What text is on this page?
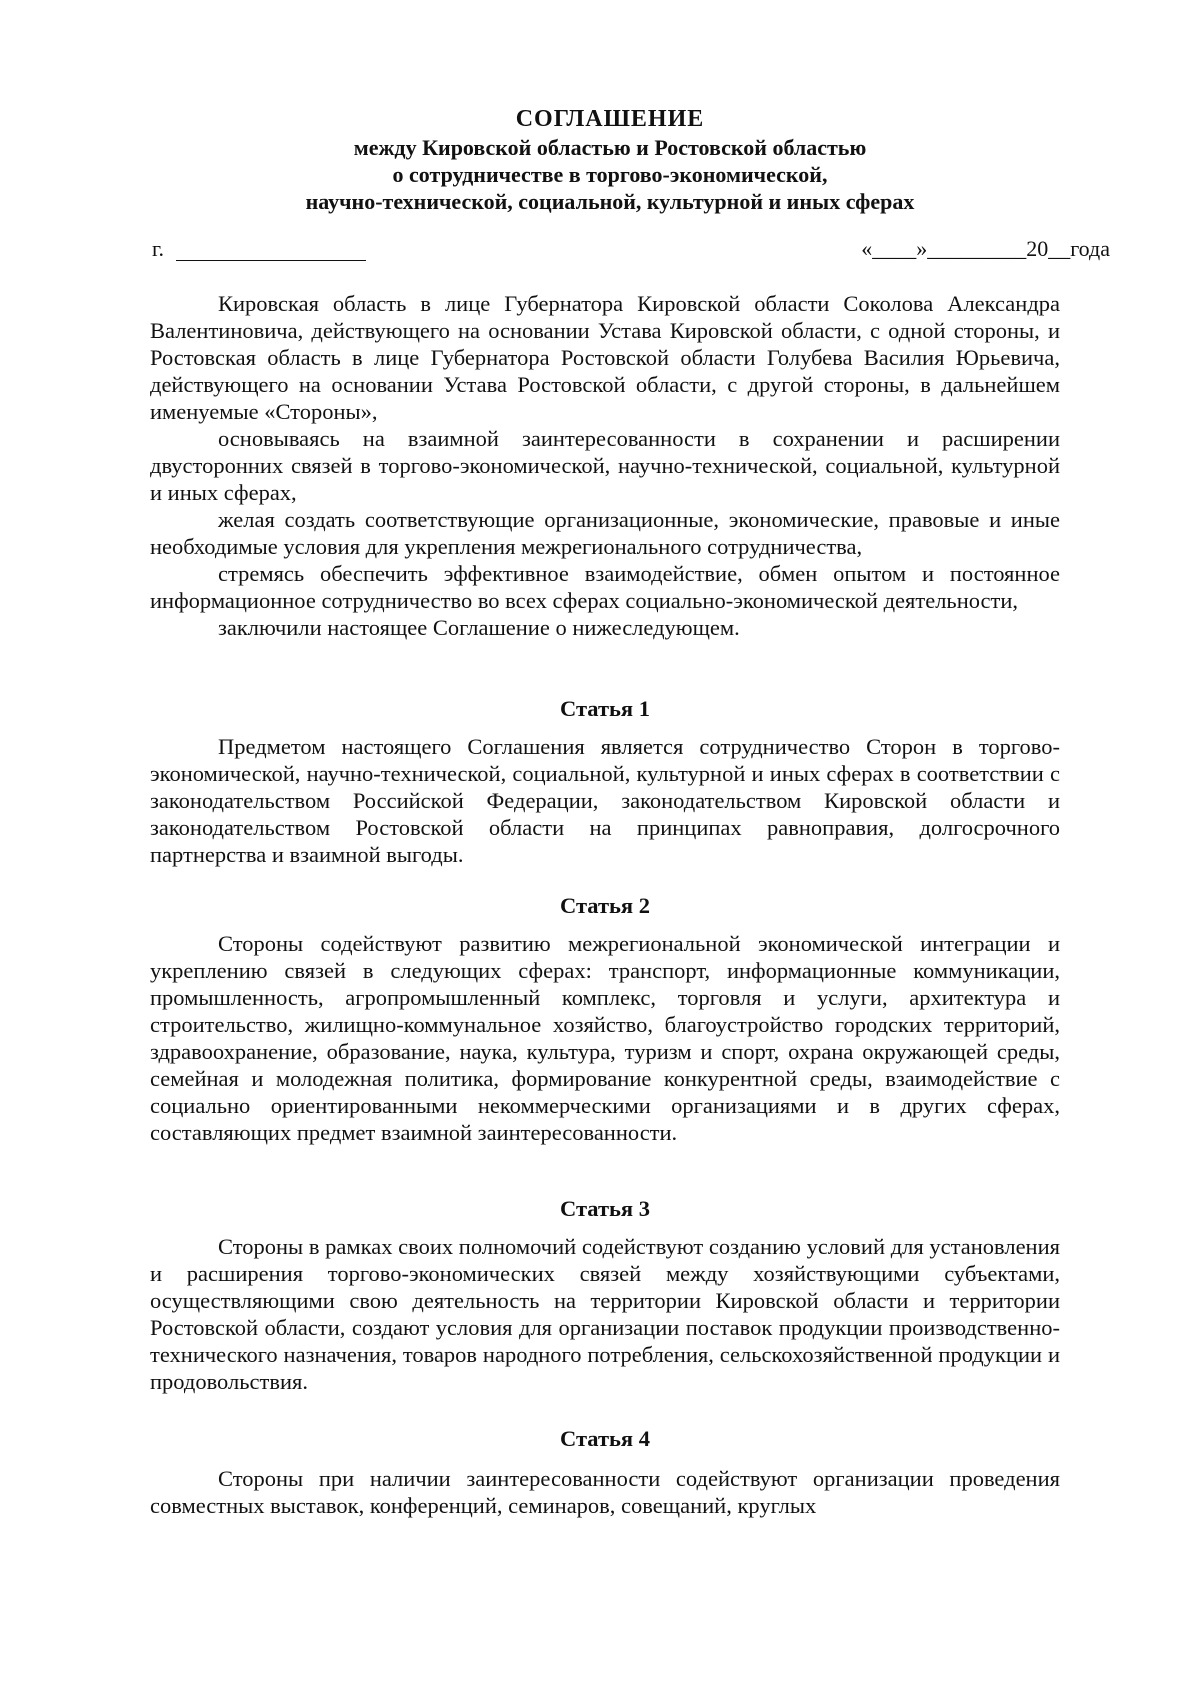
СОГЛАШЕНИЕ
между Кировской областью и Ростовской областью
о сотрудничестве в торгово-экономической,
научно-технической, социальной, культурной и иных сферах
г.	«____»_________20__года

Кировская область в лице Губернатора Кировской области Соколова Александра Валентиновича, действующего на основании Устава Кировской области, с одной стороны, и Ростовская область в лице Губернатора Ростовской области Голубева Василия Юрьевича, действующего на основании Устава Ростовской области, с другой стороны, в дальнейшем именуемые «Стороны»,

основываясь на взаимной заинтересованности в сохранении и расширении двусторонних связей в торгово-экономической, научно-технической, социальной, культурной и иных сферах,

желая создать соответствующие организационные, экономические, правовые и иные необходимые условия для укрепления межрегионального сотрудничества,

стремясь обеспечить эффективное взаимодействие, обмен опытом и постоянное информационное сотрудничество во всех сферах социально-экономической деятельности,

заключили настоящее Соглашение о нижеследующем.

Статья 1

Предметом настоящего Соглашения является сотрудничество Сторон в торгово-экономической, научно-технической, социальной, культурной и иных сферах в соответствии с законодательством Российской Федерации, законодательством Кировской области и законодательством Ростовской области на принципах равноправия, долгосрочного партнерства и взаимной выгоды.

Статья 2

Стороны содействуют развитию межрегиональной экономической интеграции и укреплению связей в следующих сферах: транспорт, информационные коммуникации, промышленность, агропромышленный комплекс, торговля и услуги, архитектура и строительство, жилищно-коммунальное хозяйство, благоустройство городских территорий, здравоохранение, образование, наука, культура, туризм и спорт, охрана окружающей среды, семейная и молодежная политика, формирование конкурентной среды, взаимодействие с социально ориентированными некоммерческими организациями и в других сферах, составляющих предмет взаимной заинтересованности.

Статья 3

Стороны в рамках своих полномочий содействуют созданию условий для установления и расширения торгово-экономических связей между хозяйствующими субъектами, осуществляющими свою деятельность на территории Кировской области и территории Ростовской области, создают условия для организации поставок продукции производственно-технического назначения, товаров народного потребления, сельскохозяйственной продукции и продовольствия.

Статья 4

Стороны при наличии заинтересованности содействуют организации проведения совместных выставок, конференций, семинаров, совещаний, круглых
